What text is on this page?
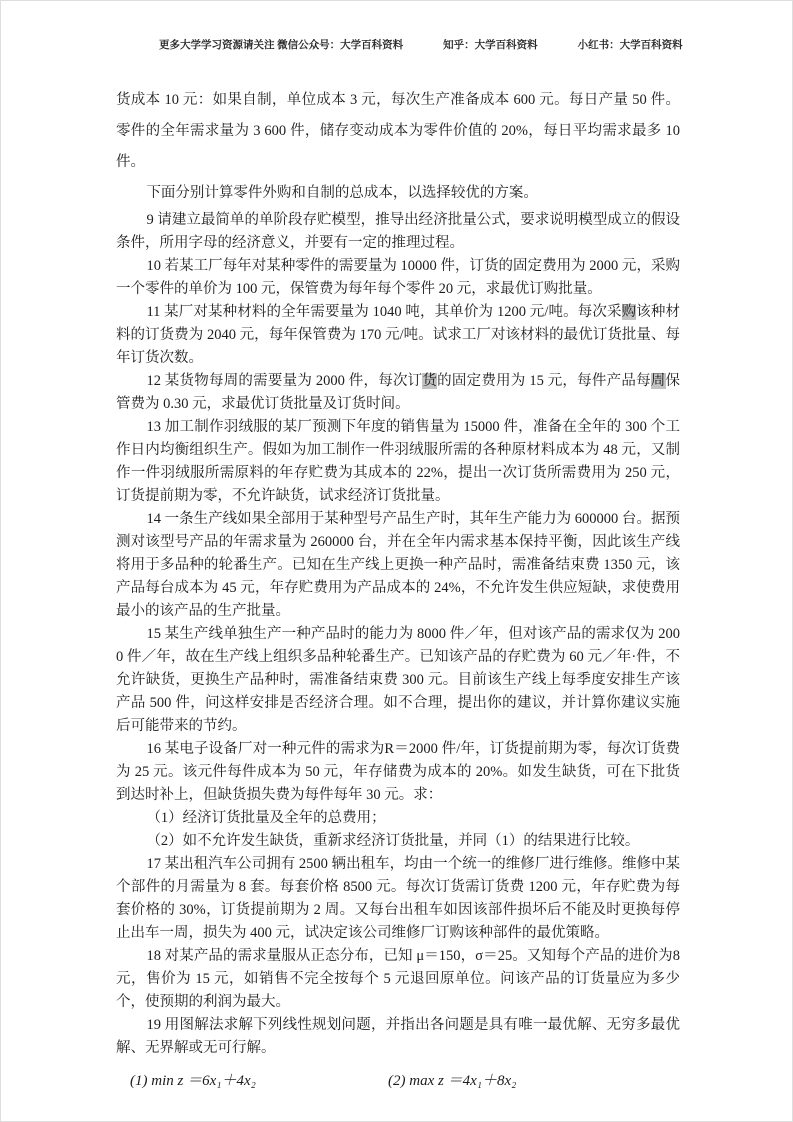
更多大学学习资源请关注 微信公众号：大学百科资料	知乎：大学百科资料	小红书：大学百科资料

货成本 10 元：如果自制，单位成本 3 元，每次生产准备成本 600 元。每日产量 50 件。零件的全年需求量为 3 600 件，储存变动成本为零件价值的 20%，每日平均需求最多 10 件。

下面分别计算零件外购和自制的总成本，以选择较优的方案。

9 请建立最简单的单阶段存贮模型，推导出经济批量公式，要求说明模型成立的假设条件，所用字母的经济意义，并要有一定的推理过程。

10 若某工厂每年对某种零件的需要量为 10000 件，订货的固定费用为 2000 元，采购一个零件的单价为 100 元，保管费为每年每个零件 20 元，求最优订购批量。

11 某厂对某种材料的全年需要量为 1040 吨，其单价为 1200 元/吨。每次采购该种材料的订货费为 2040 元，每年保管费为 170 元/吨。试求工厂对该材料的最优订货批量、每年订货次数。

12 某货物每周的需要量为 2000 件，每次订货的固定费用为 15 元，每件产品每周保管费为 0.30 元，求最优订货批量及订货时间。

13 加工制作羽绒服的某厂预测下年度的销售量为 15000 件，准备在全年的 300 个工作日内均衡组织生产。假如为加工制作一件羽绒服所需的各种原材料成本为 48 元，又制作一件羽绒服所需原料的年存贮费为其成本的 22%，提出一次订货所需费用为 250 元，订货提前期为零，不允许缺货，试求经济订货批量。

14 一条生产线如果全部用于某种型号产品生产时，其年生产能力为 600000 台。据预测对该型号产品的年需求量为 260000 台，并在全年内需求基本保持平衡，因此该生产线将用于多品种的轮番生产。已知在生产线上更换一种产品时，需准备结束费 1350 元，该产品每台成本为 45 元，年存贮费用为产品成本的 24%，不允许发生供应短缺，求使费用最小的该产品的生产批量。

15 某生产线单独生产一种产品时的能力为 8000 件／年，但对该产品的需求仅为 2000 件／年，故在生产线上组织多品种轮番生产。已知该产品的存贮费为 60 元／年·件，不允许缺货，更换生产品种时，需准备结束费 300 元。目前该生产线上每季度安排生产该产品 500 件，问这样安排是否经济合理。如不合理，提出你的建议，并计算你建议实施后可能带来的节约。

16 某电子设备厂对一种元件的需求为R＝2000 件/年，订货提前期为零，每次订货费为 25 元。该元件每件成本为 50 元，年存储费为成本的 20%。如发生缺货，可在下批货到达时补上，但缺货损失费为每件每年 30 元。求：

（1）经济订货批量及全年的总费用；

（2）如不允许发生缺货，重新求经济订货批量，并同（1）的结果进行比较。

17 某出租汽车公司拥有 2500 辆出租车，均由一个统一的维修厂进行维修。维修中某个部件的月需量为 8 套。每套价格 8500 元。每次订货需订货费 1200 元，年存贮费为每套价格的 30%，订货提前期为 2 周。又每台出租车如因该部件损坏后不能及时更换每停止出车一周，损失为 400 元，试决定该公司维修厂订购该种部件的最优策略。

18 对某产品的需求量服从正态分布，已知 μ＝150，σ＝25。又知每个产品的进价为8元，售价为 15 元，如销售不完全按每个 5 元退回原单位。问该产品的订货量应为多少个，使预期的利润为最大。

19 用图解法求解下列线性规划问题，并指出各问题是具有唯一最优解、无穷多最优解、无界解或无可行解。

(1) min z ＝6x₁＋4x₂	(2) max z ＝4x₁＋8x₂
